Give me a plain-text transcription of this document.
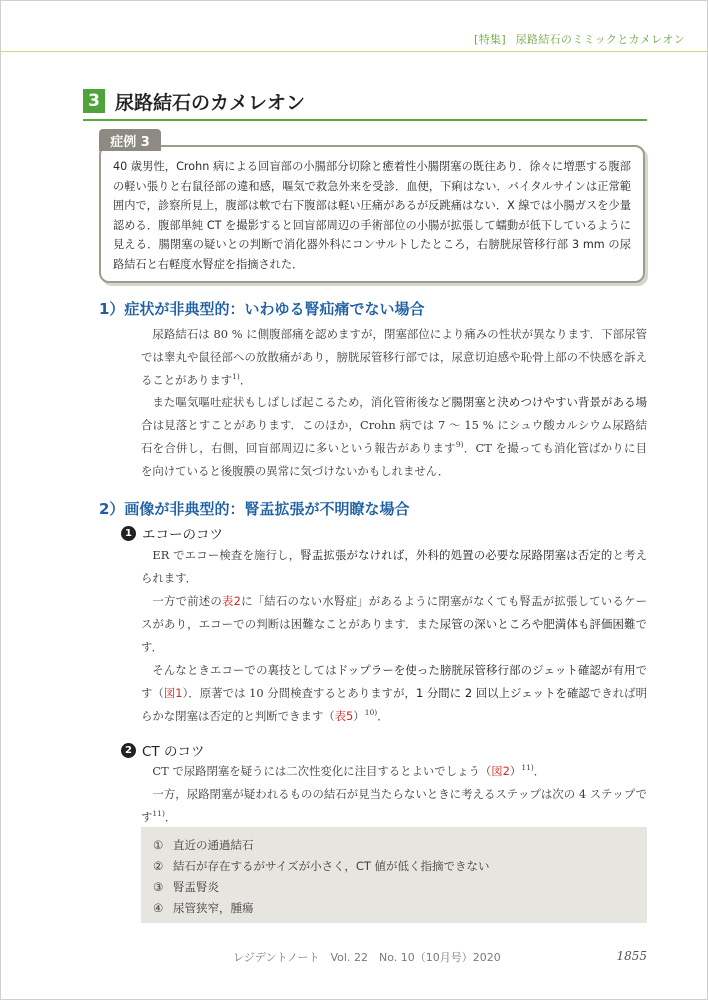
[特集] 尿路結石のミミックとカメレオン
3 尿路結石のカメレオン
症例 3

40 歳男性，Crohn 病による回盲部の小腸部分切除と癒着性小腸閉塞の既往あり．徐々に増悪する腹部の軽い張りと右鼠径部の違和感，嘔気で救急外来を受診．血便，下痢はない．バイタルサインは正常範囲内で，診察所見上，腹部は軟で右下腹部は軽い圧痛があるが反跳痛はない．X 線では小腸ガスを少量認める．腹部単純 CT を撮影すると回盲部周辺の手術部位の小腸が拡張して蠕動が低下しているように見える．腸閉塞の疑いとの判断で消化器外科にコンサルトしたところ，右膀胱尿管移行部 3 mm の尿路結石と右軽度水腎症を指摘された．

1）症状が非典型的：いわゆる腎疝痛でない場合
尿路結石は 80 % に側腹部痛を認めますが，閉塞部位により痛みの性状が異なります．下部尿管では睾丸や鼠径部への放散痛があり，膀胱尿管移行部では，尿意切迫感や恥骨上部の不快感を訴えることがあります$^{1)}$．
また嘔気嘔吐症状もしばしば起こるため，消化管術後など腸閉塞と決めつけやすい背景がある場合は見落とすことがあります．このほか，Crohn 病では 7 〜 15 % にシュウ酸カルシウム尿路結石を合併し，右側，回盲部周辺に多いという報告があります$^{9)}$．CT を撮っても消化管ばかりに目を向けていると後腹膜の異常に気づけないかもしれません．
2）画像が非典型的：腎盂拡張が不明瞭な場合
1 エコーのコツ
ER でエコー検査を施行し，腎盂拡張がなければ，外科的処置の必要な尿路閉塞は否定的と考えられます．
一方で前述の表2に「結石のない水腎症」があるように閉塞がなくても腎盂が拡張しているケースがあり，エコーでの判断は困難なことがあります．また尿管の深いところや肥満体も評価困難です．
そんなときエコーでの裏技としてはドップラーを使った膀胱尿管移行部のジェット確認が有用です（図1）．原著では 10 分間検査するとありますが，1 分間に 2 回以上ジェットを確認できれば明らかな閉塞は否定的と判断できます（表5）$^{10)}$．
2 CT のコツ
CT で尿路閉塞を疑うには二次性変化に注目するとよいでしょう（図2）$^{11)}$．
一方，尿路閉塞が疑われるものの結石が見当たらないときに考えるステップは次の 4 ステップです$^{11)}$．
① 直近の通過結石
② 結石が存在するがサイズが小さく，CT 値が低く指摘できない
③ 腎盂腎炎
④ 尿管狭窄，腫瘍
レジデントノート　Vol. 22　No. 10（10月号）2020	1855
